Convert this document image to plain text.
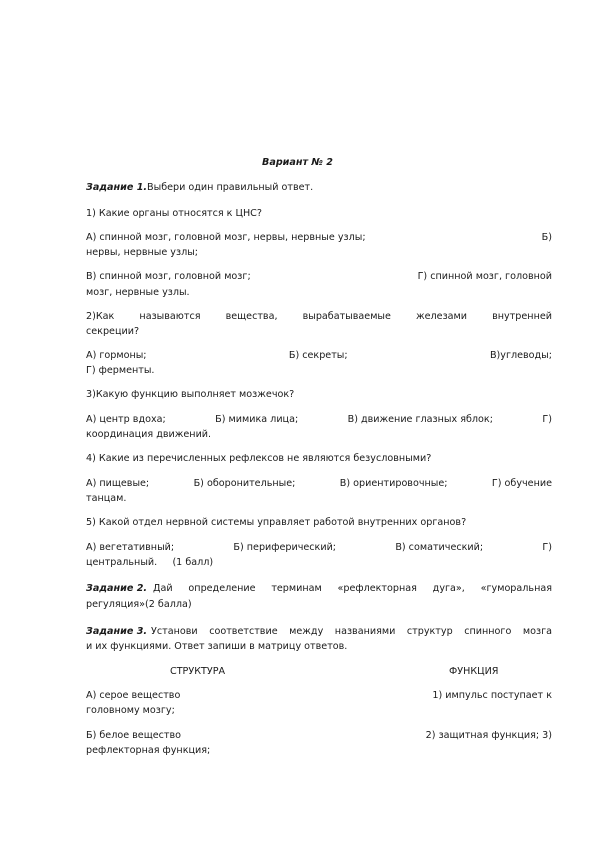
Вариант № 2
Задание 1.Выбери один правильный ответ.
1) Какие органы относятся к ЦНС?
А) спинной мозг, головной мозг, нервы, нервные узлы;	Б)
нервы, нервные узлы;
В) спинной мозг, головной мозг;	Г) спинной мозг, головной
мозг, нервные узлы.
2)Как называются вещества, вырабатываемые железами внутренней
секреции?
А) гормоны;	Б) секреты;	В)углеводы;
Г) ферменты.
3)Какую функцию выполняет мозжечок?
А) центр вдоха;	Б) мимика лица;	В) движение глазных яблок;	Г)
координация движений.
4) Какие из перечисленных рефлексов не являются безусловными?
А) пищевые;	Б) оборонительные;	В) ориентировочные;	Г) обучение
танцам.
5) Какой отдел нервной системы управляет работой внутренних органов?
А) вегетативный;	Б) периферический;	В) соматический;	Г)
центральный. (1 балл)
Задание 2. Дай определение терминам «рефлекторная дуга», «гуморальная
регуляция»(2 балла)
Задание 3. Установи соответствие между названиями структур спинного мозга
и их функциями. Ответ запиши в матрицу ответов.
СТРУКТУРА	ФУНКЦИЯ
А) серое вещество	1) импульс поступает к
головному мозгу;
Б) белое вещество	2) защитная функция; 3)
рефлекторная функция;
